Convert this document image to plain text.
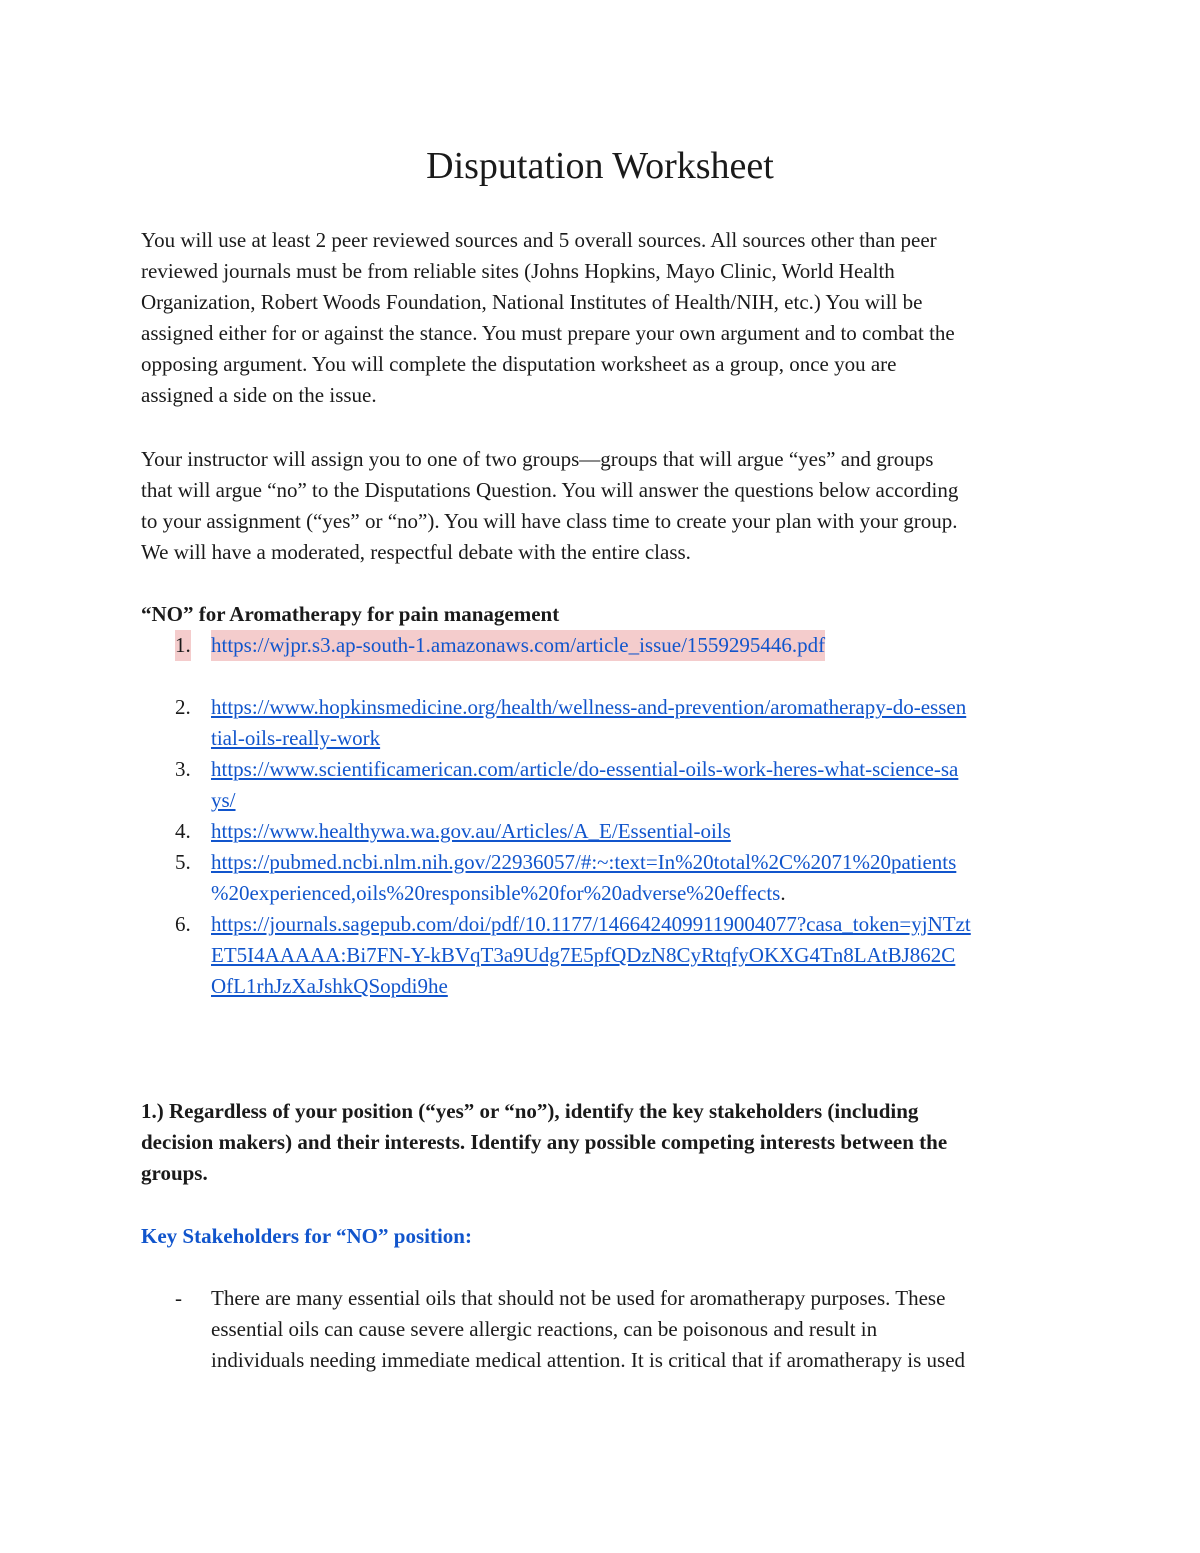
Disputation Worksheet

You will use at least 2 peer reviewed sources and 5 overall sources. All sources other than peer
reviewed journals must be from reliable sites (Johns Hopkins, Mayo Clinic, World Health
Organization, Robert Woods Foundation, National Institutes of Health/NIH, etc.) You will be
assigned either for or against the stance. You must prepare your own argument and to combat the
opposing argument. You will complete the disputation worksheet as a group, once you are
assigned a side on the issue.

Your instructor will assign you to one of two groups—groups that will argue “yes” and groups
that will argue “no” to the Disputations Question. You will answer the questions below according
to your assignment (“yes” or “no”). You will have class time to create your plan with your group.
We will have a moderated, respectful debate with the entire class.

“NO” for Aromatherapy for pain management
1. https://wjpr.s3.ap-south-1.amazonaws.com/article_issue/1559295446.pdf
2. https://www.hopkinsmedicine.org/health/wellness-and-prevention/aromatherapy-do-essen
tial-oils-really-work
3. https://www.scientificamerican.com/article/do-essential-oils-work-heres-what-science-sa
ys/
4. https://www.healthywa.wa.gov.au/Articles/A_E/Essential-oils
5. https://pubmed.ncbi.nlm.nih.gov/22936057/#:~:text=In%20total%2C%2071%20patients
%20experienced,oils%20responsible%20for%20adverse%20effects.
6. https://journals.sagepub.com/doi/pdf/10.1177/1466424099119004077?casa_token=yjNTzt
ET5I4AAAAA:Bi7FN-Y-kBVqT3a9Udg7E5pfQDzN8CyRtqfyOKXG4Tn8LAtBJ862C
OfL1rhJzXaJshkQSopdi9he
1.) Regardless of your position (“yes” or “no”), identify the key stakeholders (including
decision makers) and their interests. Identify any possible competing interests between the
groups.
Key Stakeholders for “NO” position:
- There are many essential oils that should not be used for aromatherapy purposes. These
essential oils can cause severe allergic reactions, can be poisonous and result in
individuals needing immediate medical attention. It is critical that if aromatherapy is used
